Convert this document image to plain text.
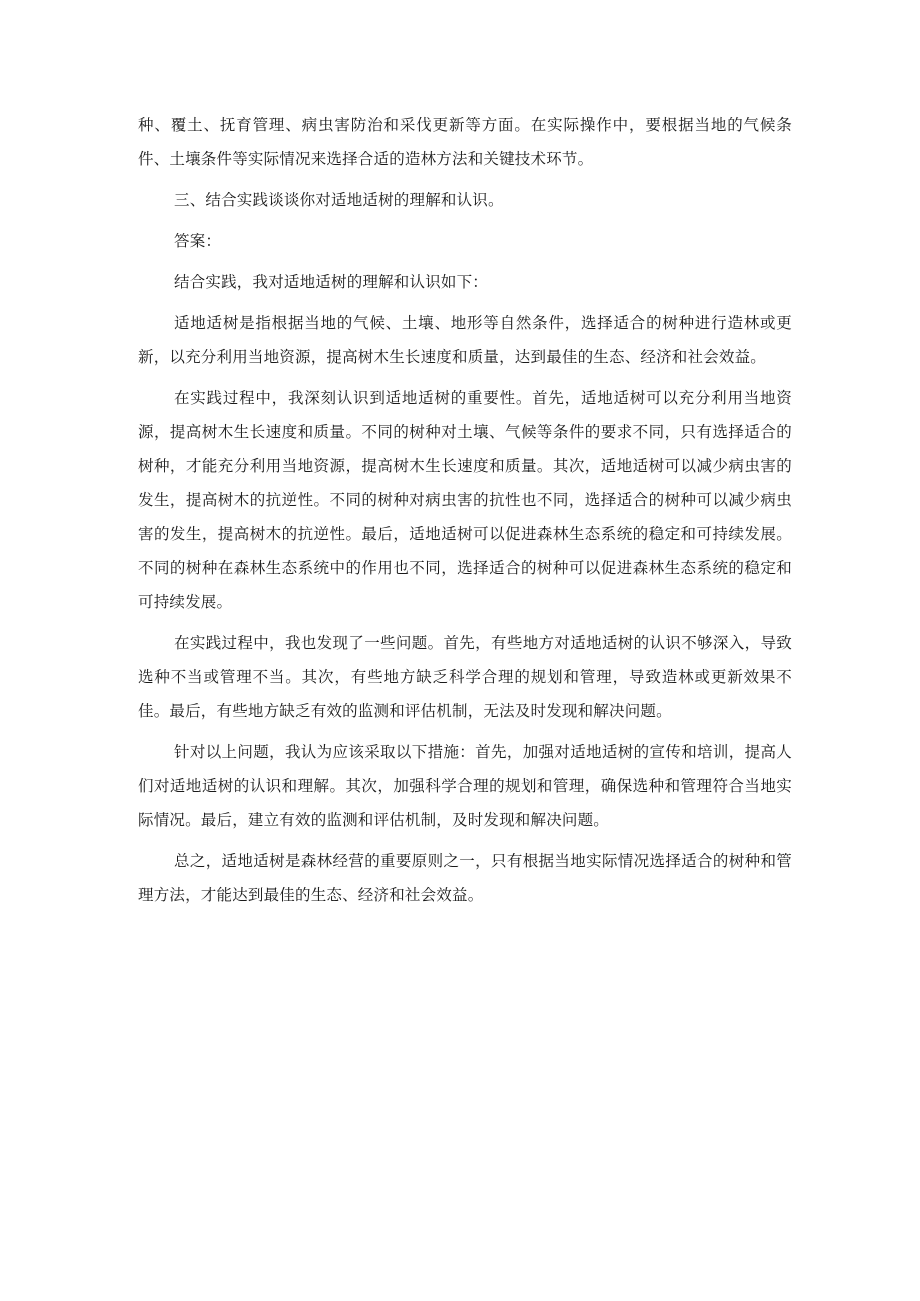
种、覆土、抚育管理、病虫害防治和采伐更新等方面。在实际操作中，要根据当地的气候条件、土壤条件等实际情况来选择合适的造林方法和关键技术环节。

三、结合实践谈谈你对适地适树的理解和认识。

答案：

结合实践，我对适地适树的理解和认识如下：

适地适树是指根据当地的气候、土壤、地形等自然条件，选择适合的树种进行造林或更新，以充分利用当地资源，提高树木生长速度和质量，达到最佳的生态、经济和社会效益。

在实践过程中，我深刻认识到适地适树的重要性。首先，适地适树可以充分利用当地资源，提高树木生长速度和质量。不同的树种对土壤、气候等条件的要求不同，只有选择适合的树种，才能充分利用当地资源，提高树木生长速度和质量。其次，适地适树可以减少病虫害的发生，提高树木的抗逆性。不同的树种对病虫害的抗性也不同，选择适合的树种可以减少病虫害的发生，提高树木的抗逆性。最后，适地适树可以促进森林生态系统的稳定和可持续发展。不同的树种在森林生态系统中的作用也不同，选择适合的树种可以促进森林生态系统的稳定和可持续发展。

在实践过程中，我也发现了一些问题。首先，有些地方对适地适树的认识不够深入，导致选种不当或管理不当。其次，有些地方缺乏科学合理的规划和管理，导致造林或更新效果不佳。最后，有些地方缺乏有效的监测和评估机制，无法及时发现和解决问题。

针对以上问题，我认为应该采取以下措施：首先，加强对适地适树的宣传和培训，提高人们对适地适树的认识和理解。其次，加强科学合理的规划和管理，确保选种和管理符合当地实际情况。最后，建立有效的监测和评估机制，及时发现和解决问题。

总之，适地适树是森林经营的重要原则之一，只有根据当地实际情况选择适合的树种和管理方法，才能达到最佳的生态、经济和社会效益。
